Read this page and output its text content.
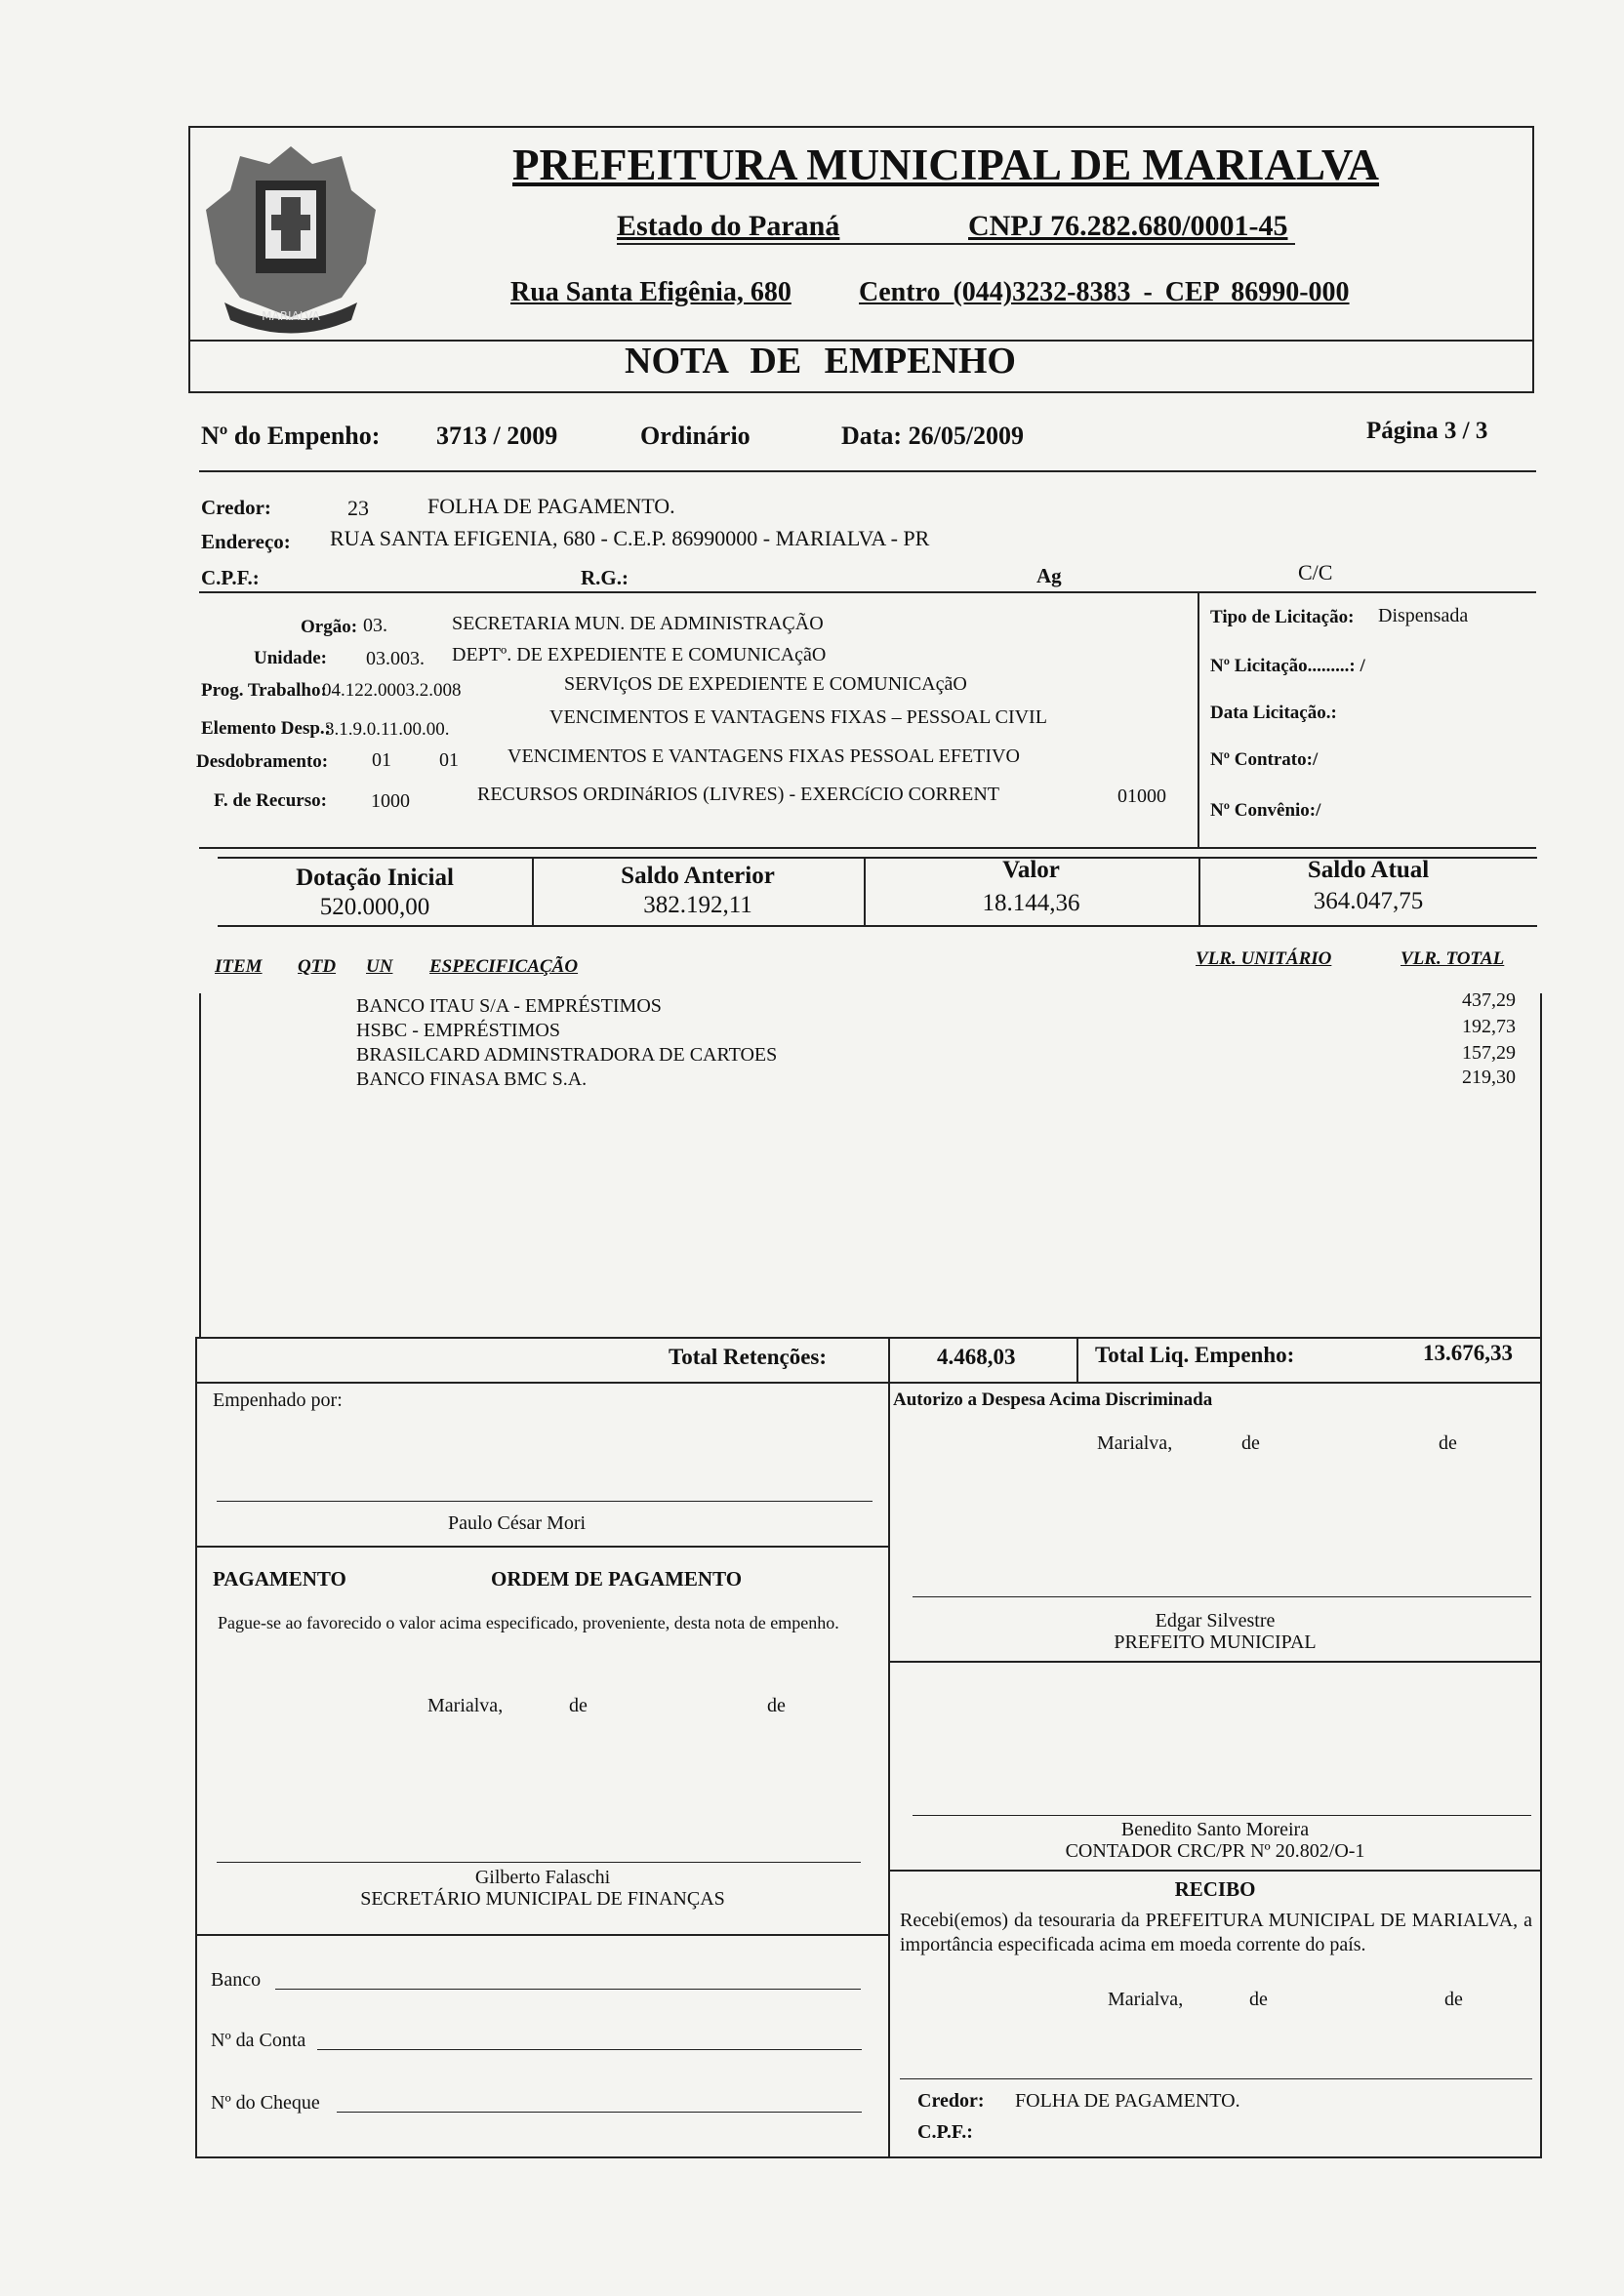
MARIALVA
PREFEITURA MUNICIPAL DE MARIALVA
Estado do Paraná	CNPJ 76.282.680/0001-45
Rua Santa Efigênia, 680 Centro (044)3232-8383 - CEP 86990-000
NOTA DE EMPENHO
Nº do Empenho: 3713 / 2009	Ordinário	Data: 26/05/2009	Página 3 / 3
Credor:	23	FOLHA DE PAGAMENTO.
Endereço: RUA SANTA EFIGENIA, 680 - C.E.P. 86990000 - MARIALVA - PR
C.P.F.:	R.G.:	Ag	C/C
Orgão: 03.	SECRETARIA MUN. DE ADMINISTRAÇÃO
Unidade: 03.003. DEPTº. DE EXPEDIENTE E COMUNICAçãO
Prog. Trabalho:
04.122.0003.2.008	SERVIçOS DE EXPEDIENTE E COMUNICAçãO
Elemento Desp.:
3.1.9.0.11.00.00.
VENCIMENTOS E VANTAGENS FIXAS – PESSOAL CIVIL
Desdobramento: 01 01	VENCIMENTOS E VANTAGENS FIXAS PESSOAL EFETIVO
F. de Recurso: 1000	RECURSOS ORDINáRIOS (LIVRES) - EXERCíCIO CORRENT	01000
Tipo de Licitação: Dispensada
Nº Licitação.........: /
Data Licitação.:
Nº Contrato:/
Nº Convênio:/
Dotação Inicial
520.000,00
Saldo Anterior
382.192,11
Valor
18.144,36
Saldo Atual
364.047,75
ITEM QTD UN ESPECIFICAÇÃO	VLR. UNITÁRIO	VLR. TOTAL
BANCO ITAU S/A - EMPRÉSTIMOS	437,29
HSBC - EMPRÉSTIMOS	192,73
BRASILCARD ADMINSTRADORA DE CARTOES	157,29
BANCO FINASA BMC S.A.	219,30
Total Retenções:	4.468,03	Total Liq. Empenho:	13.676,33
Empenhado por:
Paulo César Mori
PAGAMENTO	ORDEM DE PAGAMENTO
Pague-se ao favorecido o valor acima especificado, proveniente, desta nota de empenho.
Marialva,	de	de
Gilberto Falaschi
SECRETÁRIO MUNICIPAL DE FINANÇAS
Banco
Nº da Conta
Nº do Cheque
Autorizo a Despesa Acima Discriminada
Marialva,	de	de
Edgar Silvestre
PREFEITO MUNICIPAL
Benedito Santo Moreira
CONTADOR CRC/PR Nº 20.802/O-1
RECIBO
Recebi(emos) da tesouraria da PREFEITURA MUNICIPAL DE MARIALVA, a importância especificada acima em moeda corrente do país.
Marialva,	de	de
Credor: FOLHA DE PAGAMENTO.
C.P.F.:
